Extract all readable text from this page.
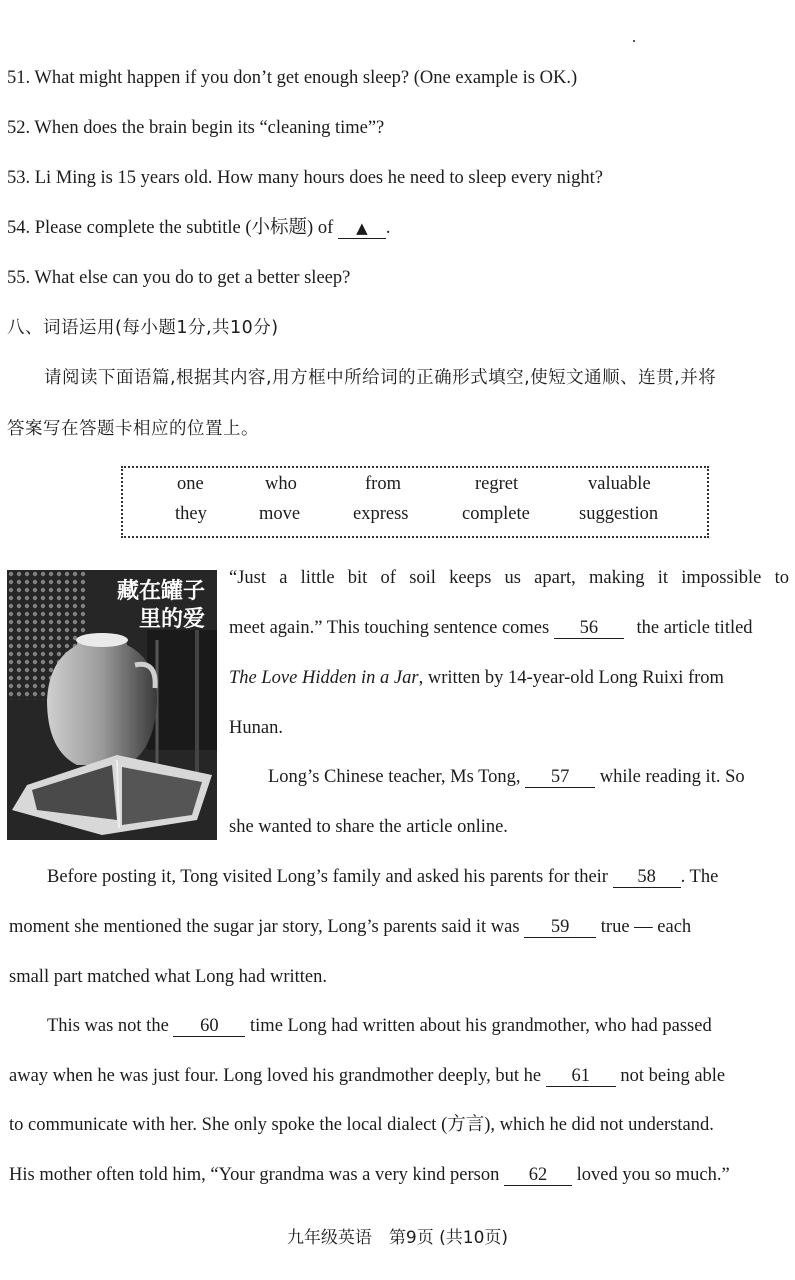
51. What might happen if you don’t get enough sleep? (One example is OK.)
52. When does the brain begin its “cleaning time”?
53. Li Ming is 15 years old. How many hours does he need to sleep every night?
54. Please complete the subtitle (小标题) of ▲ .
55. What else can you do to get a better sleep?
八、词语运用(每小题1分,共10分)
请阅读下面语篇,根据其内容,用方框中所给词的正确形式填空,使短文通顺、连贯,并将
答案写在答题卡相应的位置上。
one	who	from	regret	valuable
they	move	express	complete	suggestion
藏在罐子
里的爱
“Just a little bit of soil keeps us apart, making it impossible to
meet again.” This touching sentence comes 56 the article titled
The Love Hidden in a Jar, written by 14-year-old Long Ruixi from
Hunan.
Long’s Chinese teacher, Ms Tong, 57 while reading it. So
she wanted to share the article online.
Before posting it, Tong visited Long’s family and asked his parents for their 58 . The
moment she mentioned the sugar jar story, Long’s parents said it was 59 true — each
small part matched what Long had written.
This was not the 60 time Long had written about his grandmother, who had passed
away when he was just four. Long loved his grandmother deeply, but he 61 not being able
to communicate with her. She only spoke the local dialect (方言), which he did not understand.
His mother often told him, “Your grandma was a very kind person 62 loved you so much.”
九年级英语　第9页 (共10页)
